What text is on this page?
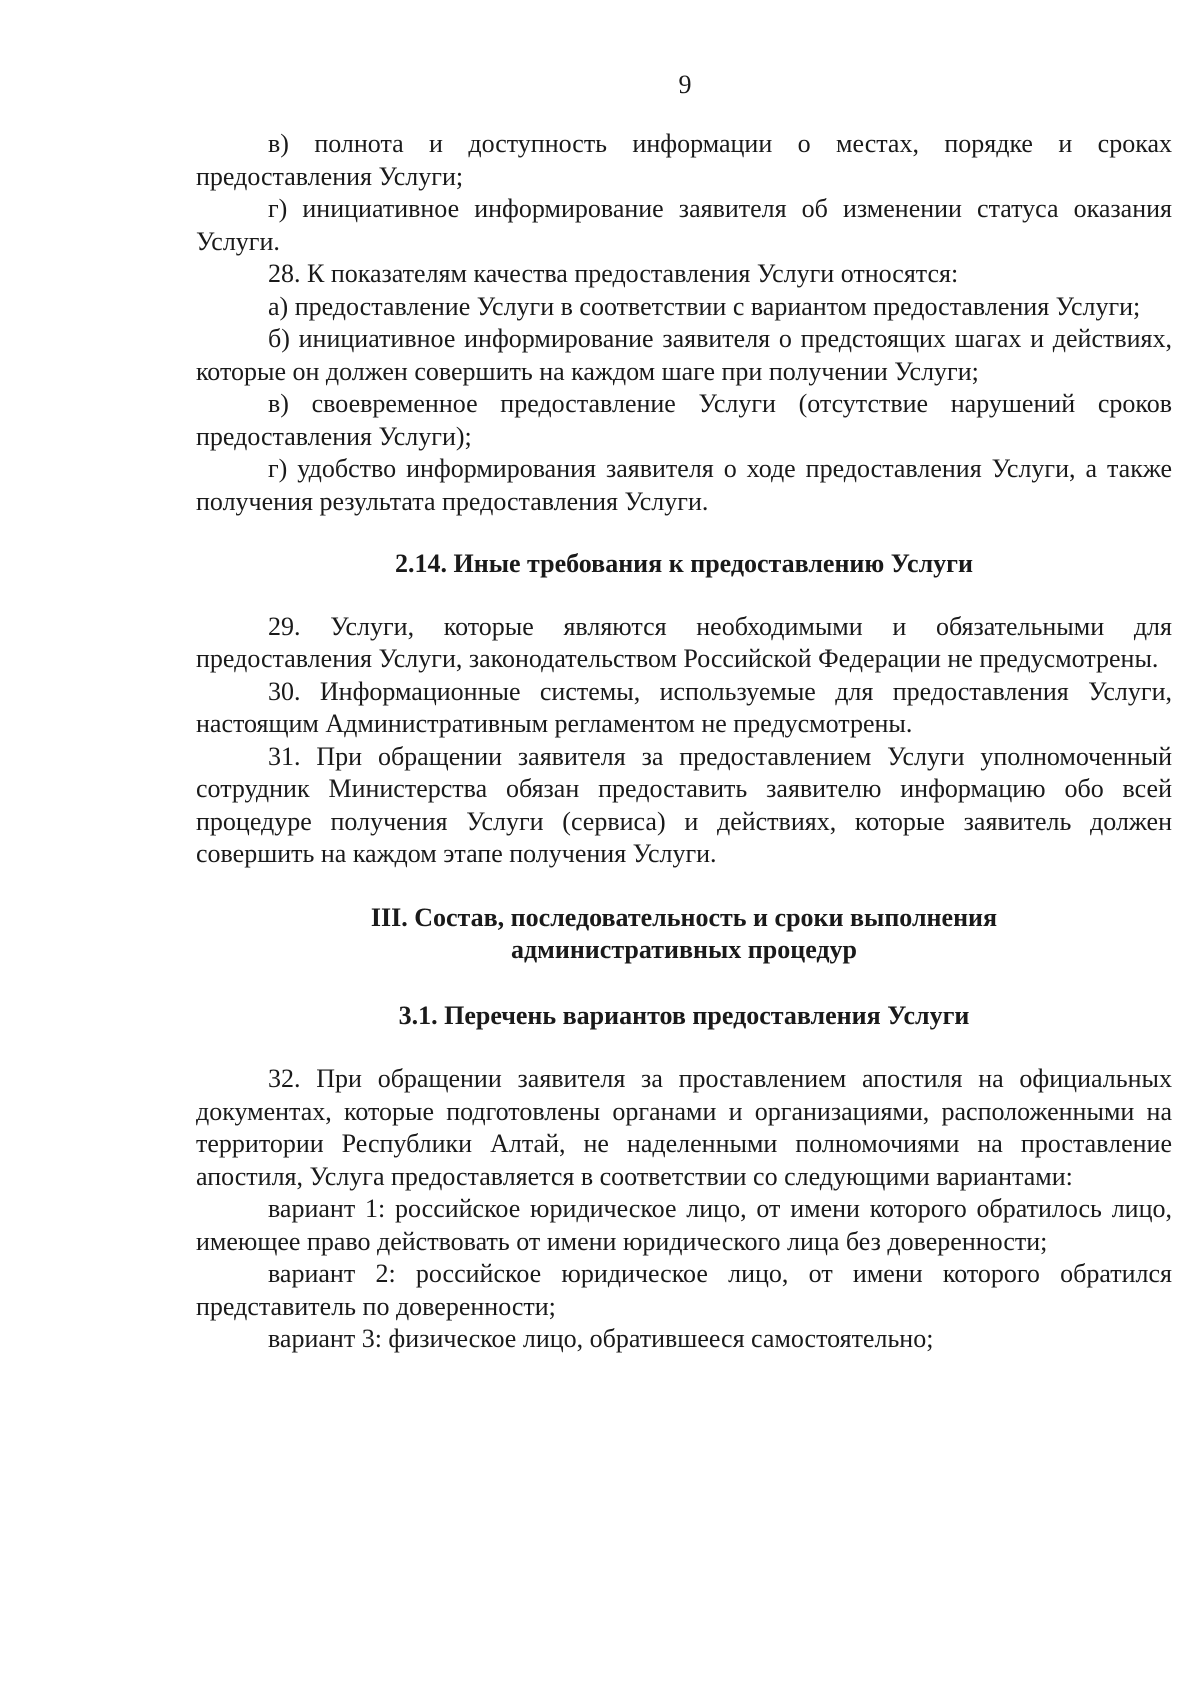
9

в) полнота и доступность информации о местах, порядке и сроках предоставления Услуги;

г) инициативное информирование заявителя об изменении статуса оказания Услуги.

28. К показателям качества предоставления Услуги относятся:

а) предоставление Услуги в соответствии с вариантом предоставления Услуги;

б) инициативное информирование заявителя о предстоящих шагах и действиях, которые он должен совершить на каждом шаге при получении Услуги;

в) своевременное предоставление Услуги (отсутствие нарушений сроков предоставления Услуги);

г) удобство информирования заявителя о ходе предоставления Услуги, а также получения результата предоставления Услуги.

2.14. Иные требования к предоставлению Услуги

29. Услуги, которые являются необходимыми и обязательными для предоставления Услуги, законодательством Российской Федерации не предусмотрены.

30. Информационные системы, используемые для предоставления Услуги, настоящим Административным регламентом не предусмотрены.

31. При обращении заявителя за предоставлением Услуги уполномоченный сотрудник Министерства обязан предоставить заявителю информацию обо всей процедуре получения Услуги (сервиса) и действиях, которые заявитель должен совершить на каждом этапе получения Услуги.

III. Состав, последовательность и сроки выполнения
административных процедур
3.1. Перечень вариантов предоставления Услуги

32. При обращении заявителя за проставлением апостиля на официальных документах, которые подготовлены органами и организациями, расположенными на территории Республики Алтай, не наделенными полномочиями на проставление апостиля, Услуга предоставляется в соответствии со следующими вариантами:

вариант 1: российское юридическое лицо, от имени которого обратилось лицо, имеющее право действовать от имени юридического лица без доверенности;

вариант 2: российское юридическое лицо, от имени которого обратился представитель по доверенности;

вариант 3: физическое лицо, обратившееся самостоятельно;
